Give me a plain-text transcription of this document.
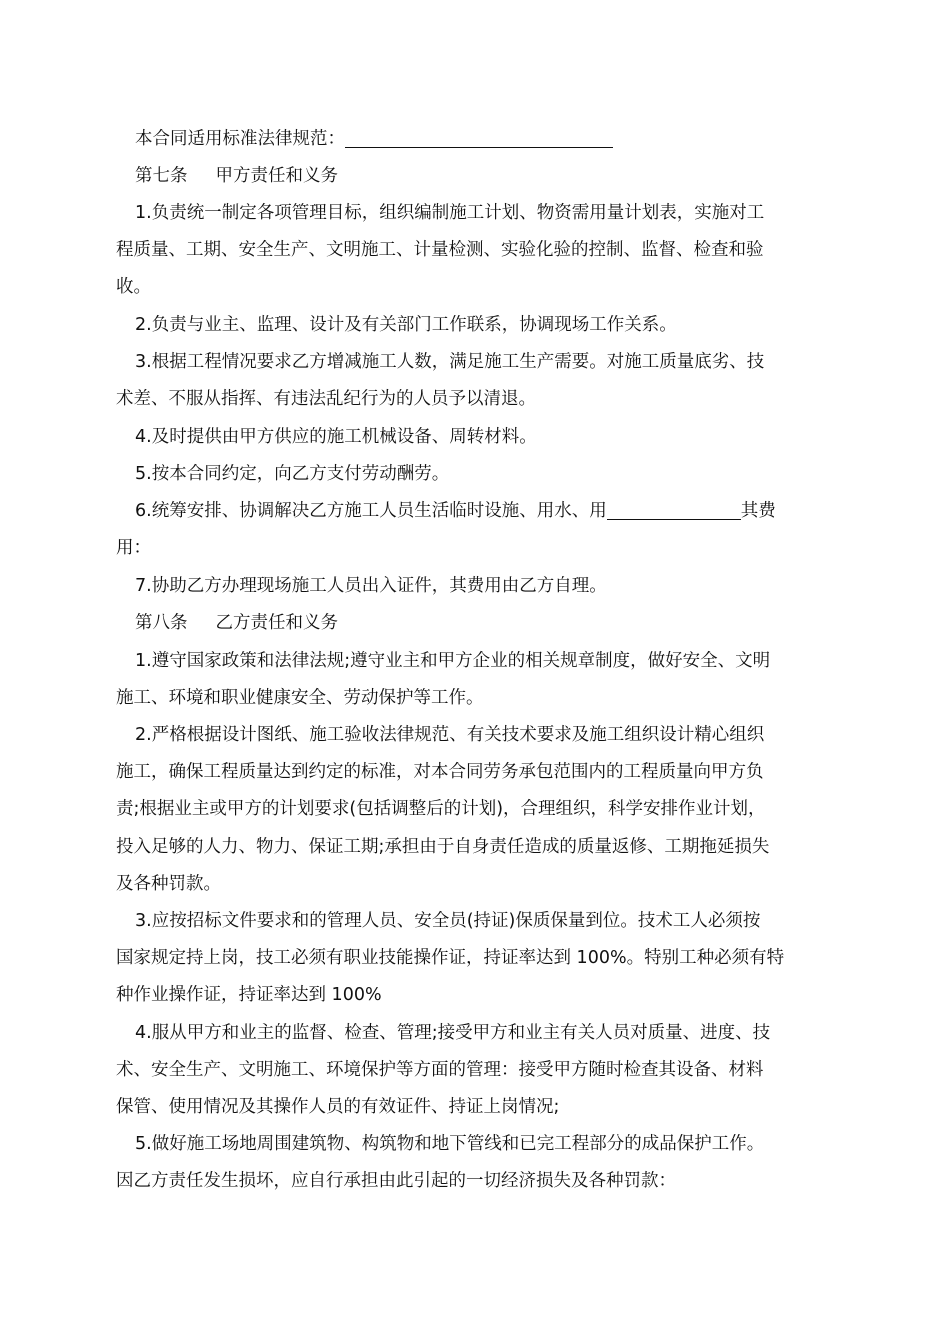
本合同适用标准法律规范：
第七条 甲方责任和义务
1.负责统一制定各项管理目标，组织编制施工计划、物资需用量计划表，实施对工
程质量、工期、安全生产、文明施工、计量检测、实验化验的控制、监督、检查和验
收。
2.负责与业主、监理、设计及有关部门工作联系，协调现场工作关系。
3.根据工程情况要求乙方增减施工人数，满足施工生产需要。对施工质量底劣、技
术差、不服从指挥、有违法乱纪行为的人员予以清退。
4.及时提供由甲方供应的施工机械设备、周转材料。
5.按本合同约定，向乙方支付劳动酬劳。
6.统筹安排、协调解决乙方施工人员生活临时设施、用水、用	其费
用：
7.协助乙方办理现场施工人员出入证件，其费用由乙方自理。
第八条 乙方责任和义务
1.遵守国家政策和法律法规;遵守业主和甲方企业的相关规章制度，做好安全、文明
施工、环境和职业健康安全、劳动保护等工作。
2.严格根据设计图纸、施工验收法律规范、有关技术要求及施工组织设计精心组织
施工，确保工程质量达到约定的标准，对本合同劳务承包范围内的工程质量向甲方负
责;根据业主或甲方的计划要求(包括调整后的计划)，合理组织，科学安排作业计划，
投入足够的人力、物力、保证工期;承担由于自身责任造成的质量返修、工期拖延损失
及各种罚款。
3.应按招标文件要求和的管理人员、安全员(持证)保质保量到位。技术工人必须按
国家规定持上岗，技工必须有职业技能操作证，持证率达到 100%。特别工种必须有特
种作业操作证，持证率达到 100%
4.服从甲方和业主的监督、检查、管理;接受甲方和业主有关人员对质量、进度、技
术、安全生产、文明施工、环境保护等方面的管理：接受甲方随时检查其设备、材料
保管、使用情况及其操作人员的有效证件、持证上岗情况;
5.做好施工场地周围建筑物、构筑物和地下管线和已完工程部分的成品保护工作。
因乙方责任发生损坏，应自行承担由此引起的一切经济损失及各种罚款：
